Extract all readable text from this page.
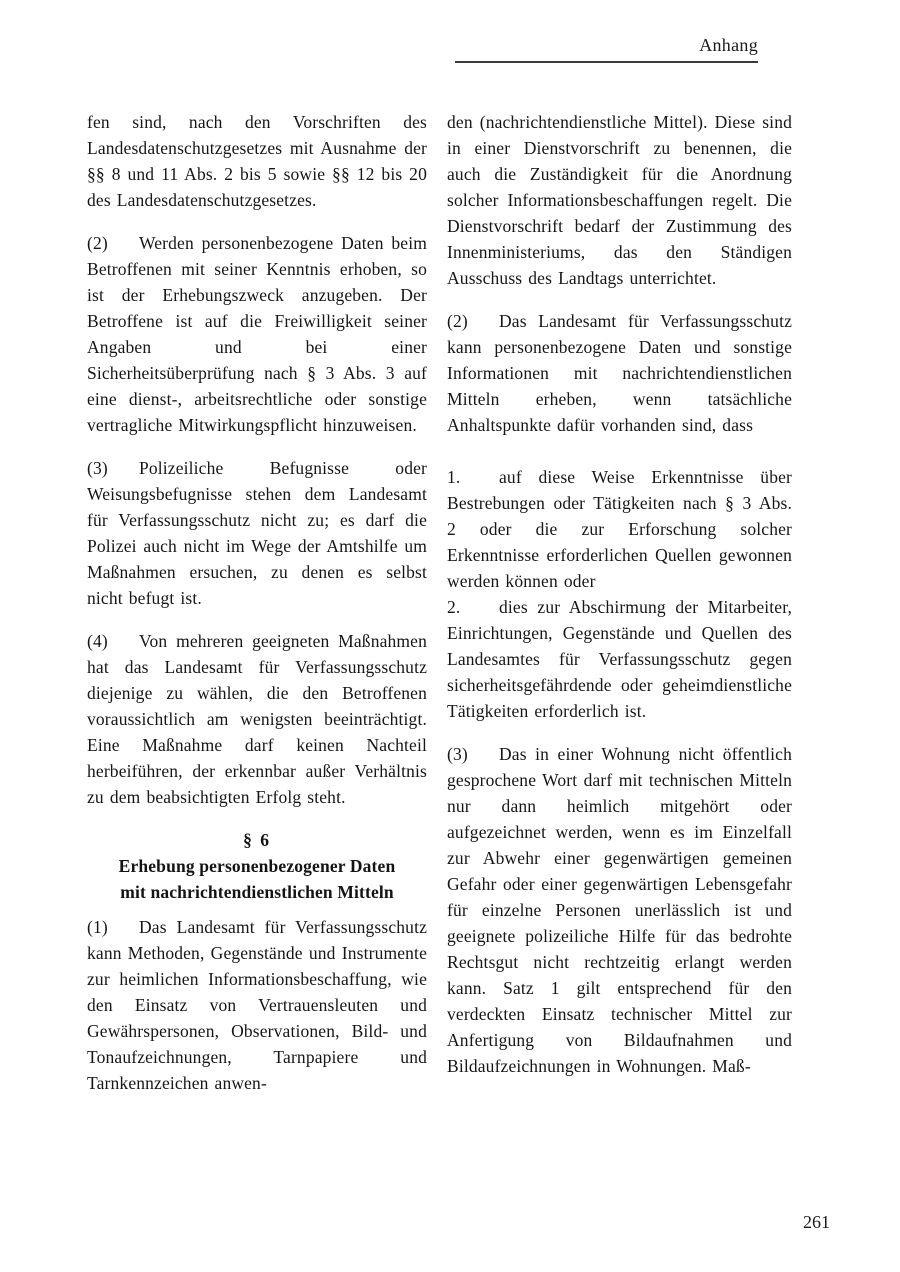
Anhang

fen sind, nach den Vorschriften des Landesdatenschutzgesetzes mit Ausnahme der §§ 8 und 11 Abs. 2 bis 5 sowie §§ 12 bis 20 des Landesdatenschutzgesetzes.

(2) Werden personenbezogene Daten beim Betroffenen mit seiner Kenntnis erhoben, so ist der Erhebungszweck anzugeben. Der Betroffene ist auf die Freiwilligkeit seiner Angaben und bei einer Sicherheitsüberprüfung nach § 3 Abs. 3 auf eine dienst-, arbeitsrechtliche oder sonstige vertragliche Mitwirkungspflicht hinzuweisen.

(3) Polizeiliche Befugnisse oder Weisungsbefugnisse stehen dem Landesamt für Verfassungsschutz nicht zu; es darf die Polizei auch nicht im Wege der Amtshilfe um Maßnahmen ersuchen, zu denen es selbst nicht befugt ist.

(4) Von mehreren geeigneten Maßnahmen hat das Landesamt für Verfassungsschutz diejenige zu wählen, die den Betroffenen voraussichtlich am wenigsten beeinträchtigt. Eine Maßnahme darf keinen Nachteil herbeiführen, der erkennbar außer Verhältnis zu dem beabsichtigten Erfolg steht.

§ 6
Erhebung personenbezogener Daten
mit nachrichtendienstlichen Mitteln

(1) Das Landesamt für Verfassungsschutz kann Methoden, Gegenstände und Instrumente zur heimlichen Informationsbeschaffung, wie den Einsatz von Vertrauensleuten und Gewährspersonen, Observationen, Bild- und Tonaufzeichnungen, Tarnpapiere und Tarnkennzeichen anwen-

den (nachrichtendienstliche Mittel). Diese sind in einer Dienstvorschrift zu benennen, die auch die Zuständigkeit für die Anordnung solcher Informationsbeschaffungen regelt. Die Dienstvorschrift bedarf der Zustimmung des Innenministeriums, das den Ständigen Ausschuss des Landtags unterrichtet.

(2) Das Landesamt für Verfassungsschutz kann personenbezogene Daten und sonstige Informationen mit nachrichtendienstlichen Mitteln erheben, wenn tatsächliche Anhaltspunkte dafür vorhanden sind, dass

1. auf diese Weise Erkenntnisse über Bestrebungen oder Tätigkeiten nach § 3 Abs. 2 oder die zur Erforschung solcher Erkenntnisse erforderlichen Quellen gewonnen werden können oder

2. dies zur Abschirmung der Mitarbeiter, Einrichtungen, Gegenstände und Quellen des Landesamtes für Verfassungsschutz gegen sicherheitsgefährdende oder geheimdienstliche Tätigkeiten erforderlich ist.

(3) Das in einer Wohnung nicht öffentlich gesprochene Wort darf mit technischen Mitteln nur dann heimlich mitgehört oder aufgezeichnet werden, wenn es im Einzelfall zur Abwehr einer gegenwärtigen gemeinen Gefahr oder einer gegenwärtigen Lebensgefahr für einzelne Personen unerlässlich ist und geeignete polizeiliche Hilfe für das bedrohte Rechtsgut nicht rechtzeitig erlangt werden kann. Satz 1 gilt entsprechend für den verdeckten Einsatz technischer Mittel zur Anfertigung von Bildaufnahmen und Bildaufzeichnungen in Wohnungen. Maß-

261
